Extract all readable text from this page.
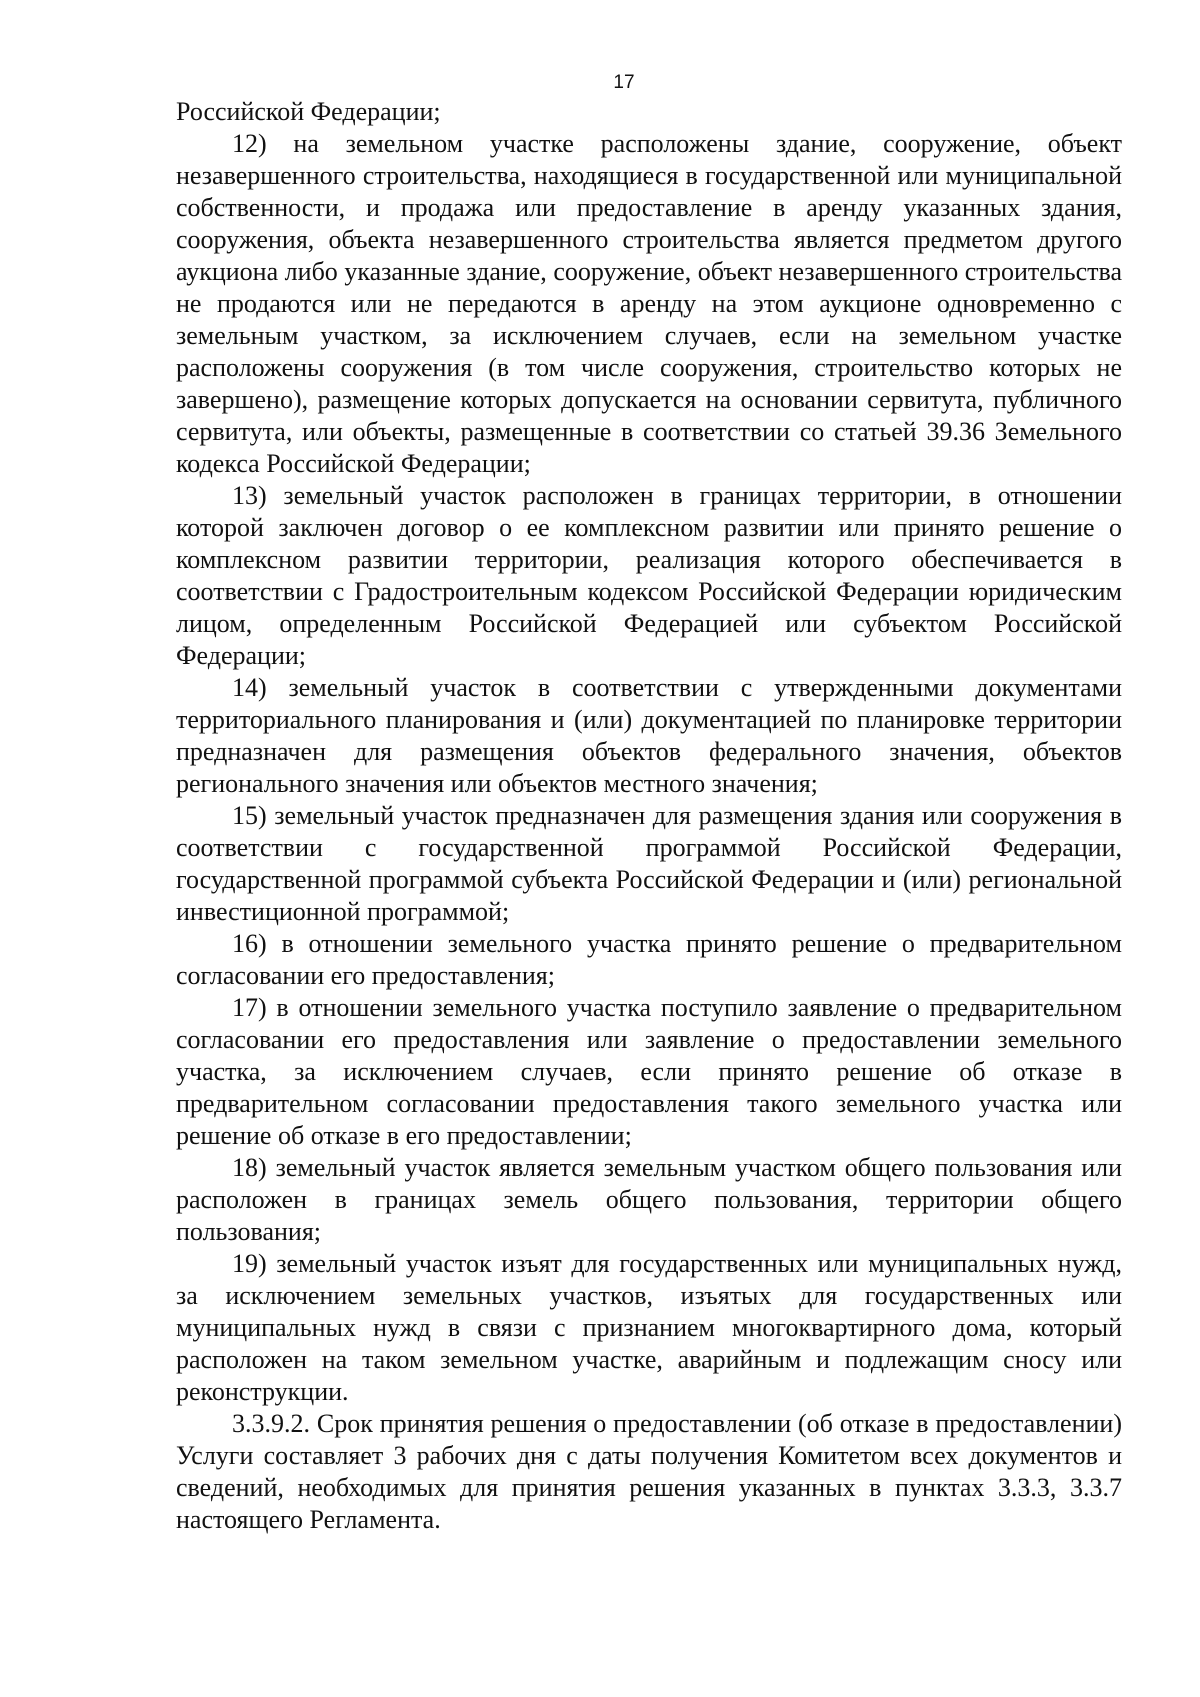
17

Российской Федерации;

12) на земельном участке расположены здание, сооружение, объект незавершенного строительства, находящиеся в государственной или муниципальной собственности, и продажа или предоставление в аренду указанных здания, сооружения, объекта незавершенного строительства является предметом другого аукциона либо указанные здание, сооружение, объект незавершенного строительства не продаются или не передаются в аренду на этом аукционе одновременно с земельным участком, за исключением случаев, если на земельном участке расположены сооружения (в том числе сооружения, строительство которых не завершено), размещение которых допускается на основании сервитута, публичного сервитута, или объекты, размещенные в соответствии со статьей 39.36 Земельного кодекса Российской Федерации;

13) земельный участок расположен в границах территории, в отношении которой заключен договор о ее комплексном развитии или принято решение о комплексном развитии территории, реализация которого обеспечивается в соответствии с Градостроительным кодексом Российской Федерации юридическим лицом, определенным Российской Федерацией или субъектом Российской Федерации;

14) земельный участок в соответствии с утвержденными документами территориального планирования и (или) документацией по планировке территории предназначен для размещения объектов федерального значения, объектов регионального значения или объектов местного значения;

15) земельный участок предназначен для размещения здания или сооружения в соответствии с государственной программой Российской Федерации, государственной программой субъекта Российской Федерации и (или) региональной инвестиционной программой;

16) в отношении земельного участка принято решение о предварительном согласовании его предоставления;

17) в отношении земельного участка поступило заявление о предварительном согласовании его предоставления или заявление о предоставлении земельного участка, за исключением случаев, если принято решение об отказе в предварительном согласовании предоставления такого земельного участка или решение об отказе в его предоставлении;

18) земельный участок является земельным участком общего пользования или расположен в границах земель общего пользования, территории общего пользования;

19) земельный участок изъят для государственных или муниципальных нужд, за исключением земельных участков, изъятых для государственных или муниципальных нужд в связи с признанием многоквартирного дома, который расположен на таком земельном участке, аварийным и подлежащим сносу или реконструкции.

3.3.9.2. Срок принятия решения о предоставлении (об отказе в предоставлении) Услуги составляет 3 рабочих дня с даты получения Комитетом всех документов и сведений, необходимых для принятия решения указанных в пунктах 3.3.3, 3.3.7 настоящего Регламента.
